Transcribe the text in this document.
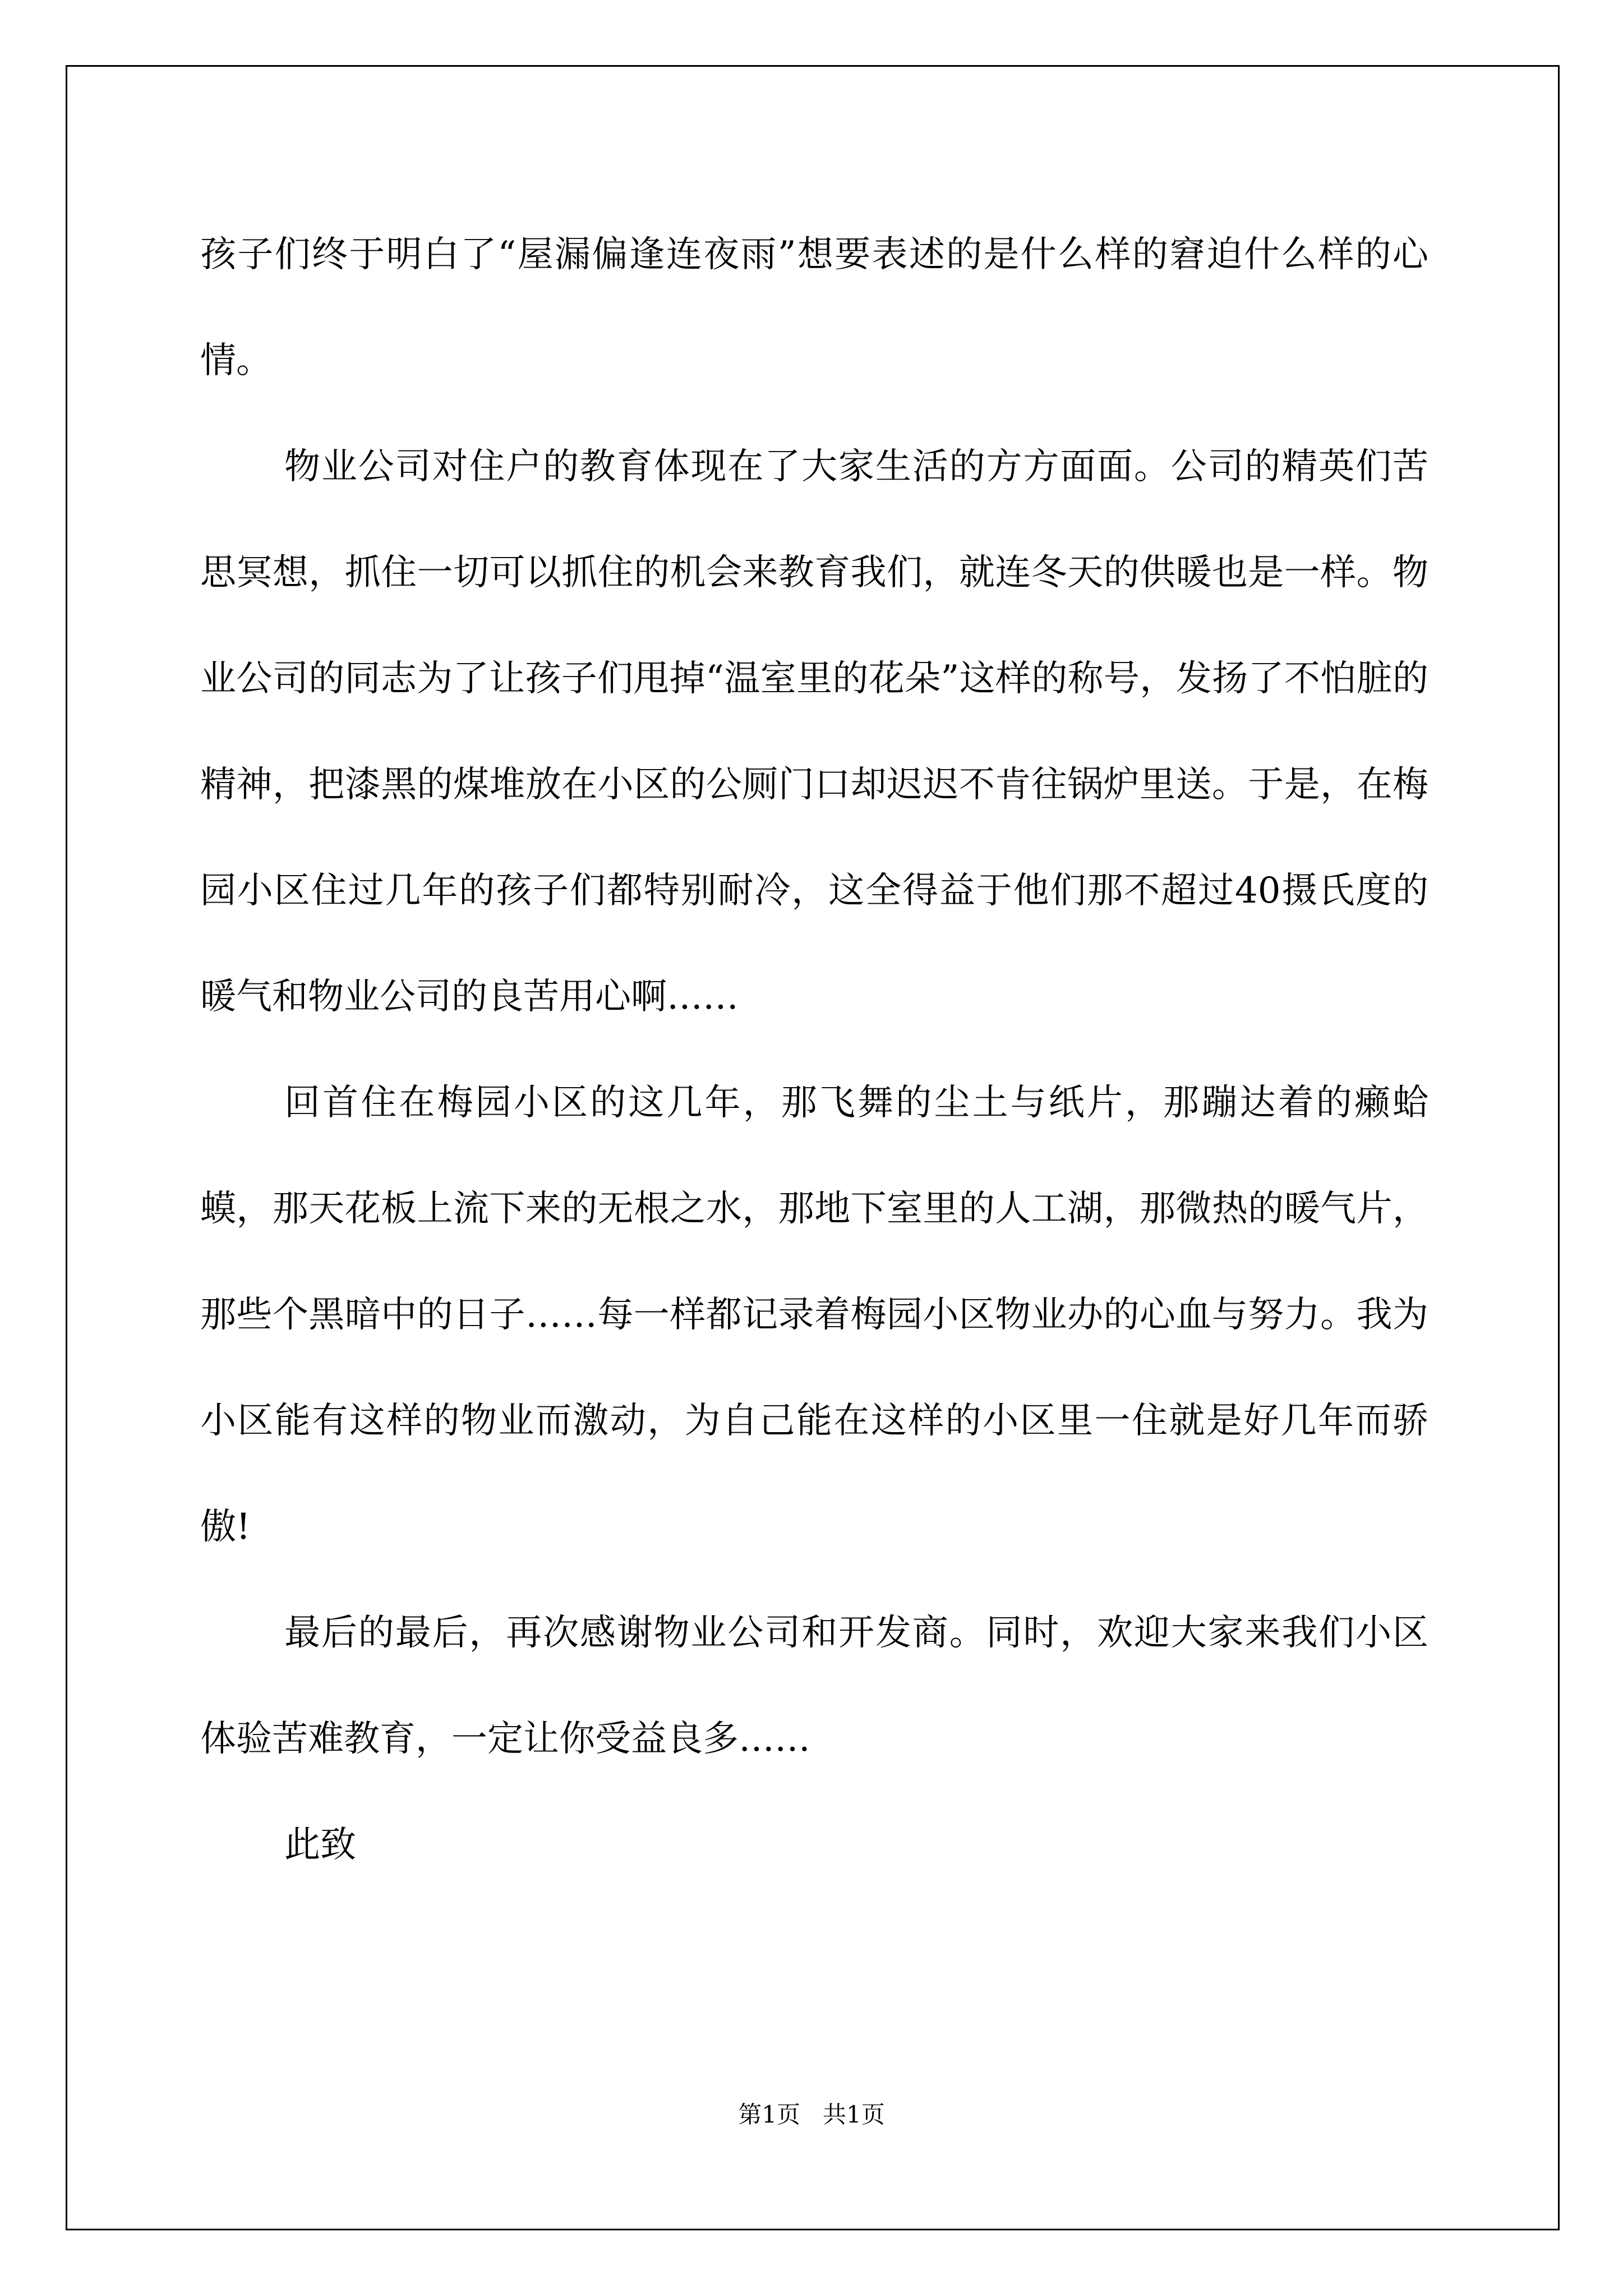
孩子们终于明白了“屋漏偏逢连夜雨”想要表述的是什么样的窘迫什么样的心情。

物业公司对住户的教育体现在了大家生活的方方面面。公司的精英们苦思冥想，抓住一切可以抓住的机会来教育我们，就连冬天的供暖也是一样。物业公司的同志为了让孩子们甩掉“温室里的花朵”这样的称号，发扬了不怕脏的精神，把漆黑的煤堆放在小区的公厕门口却迟迟不肯往锅炉里送。于是，在梅园小区住过几年的孩子们都特别耐冷，这全得益于他们那不超过40摄氏度的暖气和物业公司的良苦用心啊……

回首住在梅园小区的这几年，那飞舞的尘土与纸片，那蹦达着的癞蛤蟆，那天花板上流下来的无根之水，那地下室里的人工湖，那微热的暖气片，那些个黑暗中的日子……每一样都记录着梅园小区物业办的心血与努力。我为小区能有这样的物业而激动，为自己能在这样的小区里一住就是好几年而骄傲!

最后的最后，再次感谢物业公司和开发商。同时，欢迎大家来我们小区体验苦难教育，一定让你受益良多……

此致

第1页 共1页
